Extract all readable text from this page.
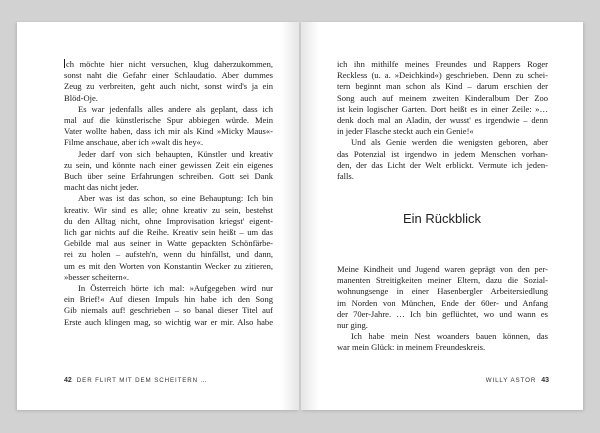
ch möchte hier nicht versuchen, klug daherzukommen,
sonst naht die Gefahr einer Schlaudatio. Aber dummes
Zeug zu verbreiten, geht auch nicht, sonst wird's ja ein
Blöd-Oje.
Es war jedenfalls alles andere als geplant, dass ich
mal auf die künstlerische Spur abbiegen würde. Mein
Vater wollte haben, dass ich mir als Kind »Micky Maus«-
Filme anschaue, aber ich »walt dis hey«.
Jeder darf von sich behaupten, Künstler und kreativ
zu sein, und könnte nach einer gewissen Zeit ein eigenes
Buch über seine Erfahrungen schreiben. Gott sei Dank
macht das nicht jeder.
Aber was ist das schon, so eine Behauptung: Ich bin
kreativ. Wir sind es alle; ohne kreativ zu sein, bestehst
du den Alltag nicht, ohne Improvisation kriegst' eigent-
lich gar nichts auf die Reihe. Kreativ sein heißt – um das
Gebilde mal aus seiner in Watte gepackten Schönfärbe-
rei zu holen – aufsteh'n, wenn du hinfällst, und dann,
um es mit den Worten von Konstantin Wecker zu zitieren,
»besser scheitern«.
In Österreich hörte ich mal: »Aufgegeben wird nur
ein Brief!« Auf diesen Impuls hin habe ich den Song
Gib niemals auf! geschrieben – so banal dieser Titel auf
Erste auch klingen mag, so wichtig war er mir. Also habe
42 DER FLIRT MIT DEM SCHEITERN …
ich ihn mithilfe meines Freundes und Rappers Roger
Reckless (u. a. »Deichkind«) geschrieben. Denn zu schei-
tern beginnt man schon als Kind – darum erschien der
Song auch auf meinem zweiten Kinderalbum Der Zoo
ist kein logischer Garten. Dort heißt es in einer Zeile: »…
denk doch mal an Aladin, der wusst' es irgendwie – denn
in jeder Flasche steckt auch ein Genie!«
Und als Genie werden die wenigsten geboren, aber
das Potenzial ist irgendwo in jedem Menschen vorhan-
den, der das Licht der Welt erblickt. Vermute ich jeden-
falls.
Ein Rückblick
Meine Kindheit und Jugend waren geprägt von den per-
manenten Streitigkeiten meiner Eltern, dazu die Sozial-
wohnungsenge in einer Hasenbergler Arbeitersiedlung
im Norden von München, Ende der 60er- und Anfang
der 70er-Jahre. … Ich bin geflüchtet, wo und wann es
nur ging.
Ich habe mein Nest woanders bauen können, das
war mein Glück: in meinem Freundeskreis.
WILLY ASTOR 43
